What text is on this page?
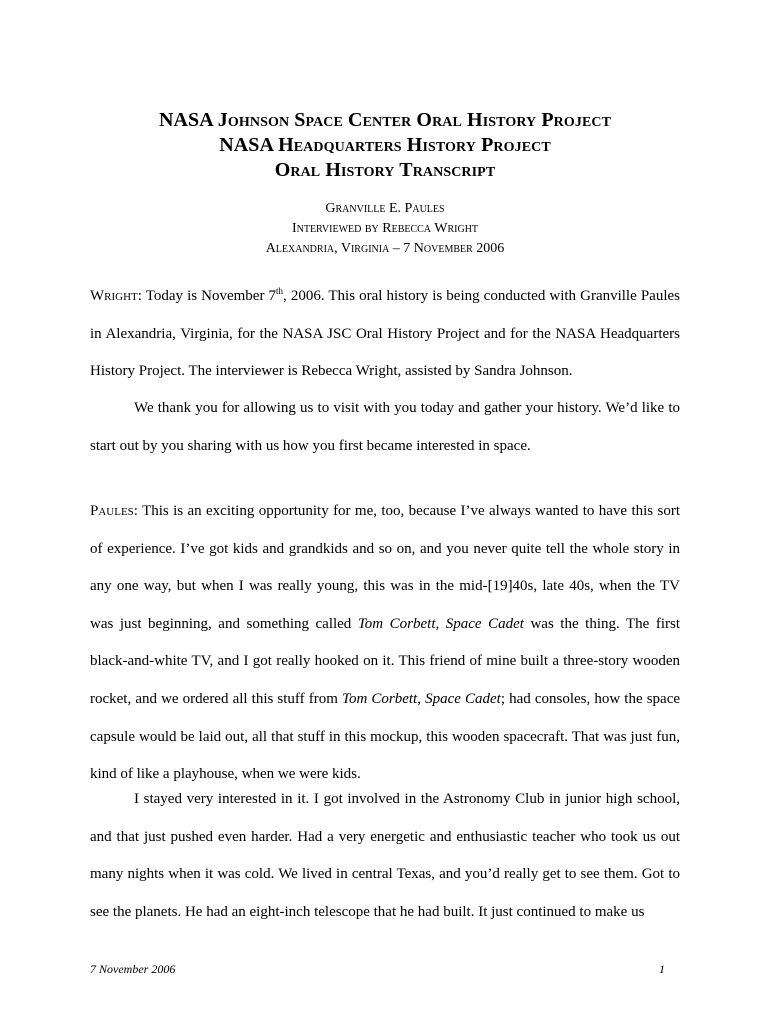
NASA Johnson Space Center Oral History Project
NASA Headquarters History Project
Oral History Transcript
Granville E. Paules
Interviewed by Rebecca Wright
Alexandria, Virginia – 7 November 2006

Wright: Today is November 7th, 2006. This oral history is being conducted with Granville Paules in Alexandria, Virginia, for the NASA JSC Oral History Project and for the NASA Headquarters History Project. The interviewer is Rebecca Wright, assisted by Sandra Johnson.

We thank you for allowing us to visit with you today and gather your history. We’d like to start out by you sharing with us how you first became interested in space.

Paules: This is an exciting opportunity for me, too, because I’ve always wanted to have this sort of experience. I’ve got kids and grandkids and so on, and you never quite tell the whole story in any one way, but when I was really young, this was in the mid-[19]40s, late 40s, when the TV was just beginning, and something called Tom Corbett, Space Cadet was the thing. The first black-and-white TV, and I got really hooked on it. This friend of mine built a three-story wooden rocket, and we ordered all this stuff from Tom Corbett, Space Cadet; had consoles, how the space capsule would be laid out, all that stuff in this mockup, this wooden spacecraft. That was just fun, kind of like a playhouse, when we were kids.

I stayed very interested in it. I got involved in the Astronomy Club in junior high school, and that just pushed even harder. Had a very energetic and enthusiastic teacher who took us out many nights when it was cold. We lived in central Texas, and you’d really get to see them. Got to see the planets. He had an eight-inch telescope that he had built. It just continued to make us

7 November 2006	1
